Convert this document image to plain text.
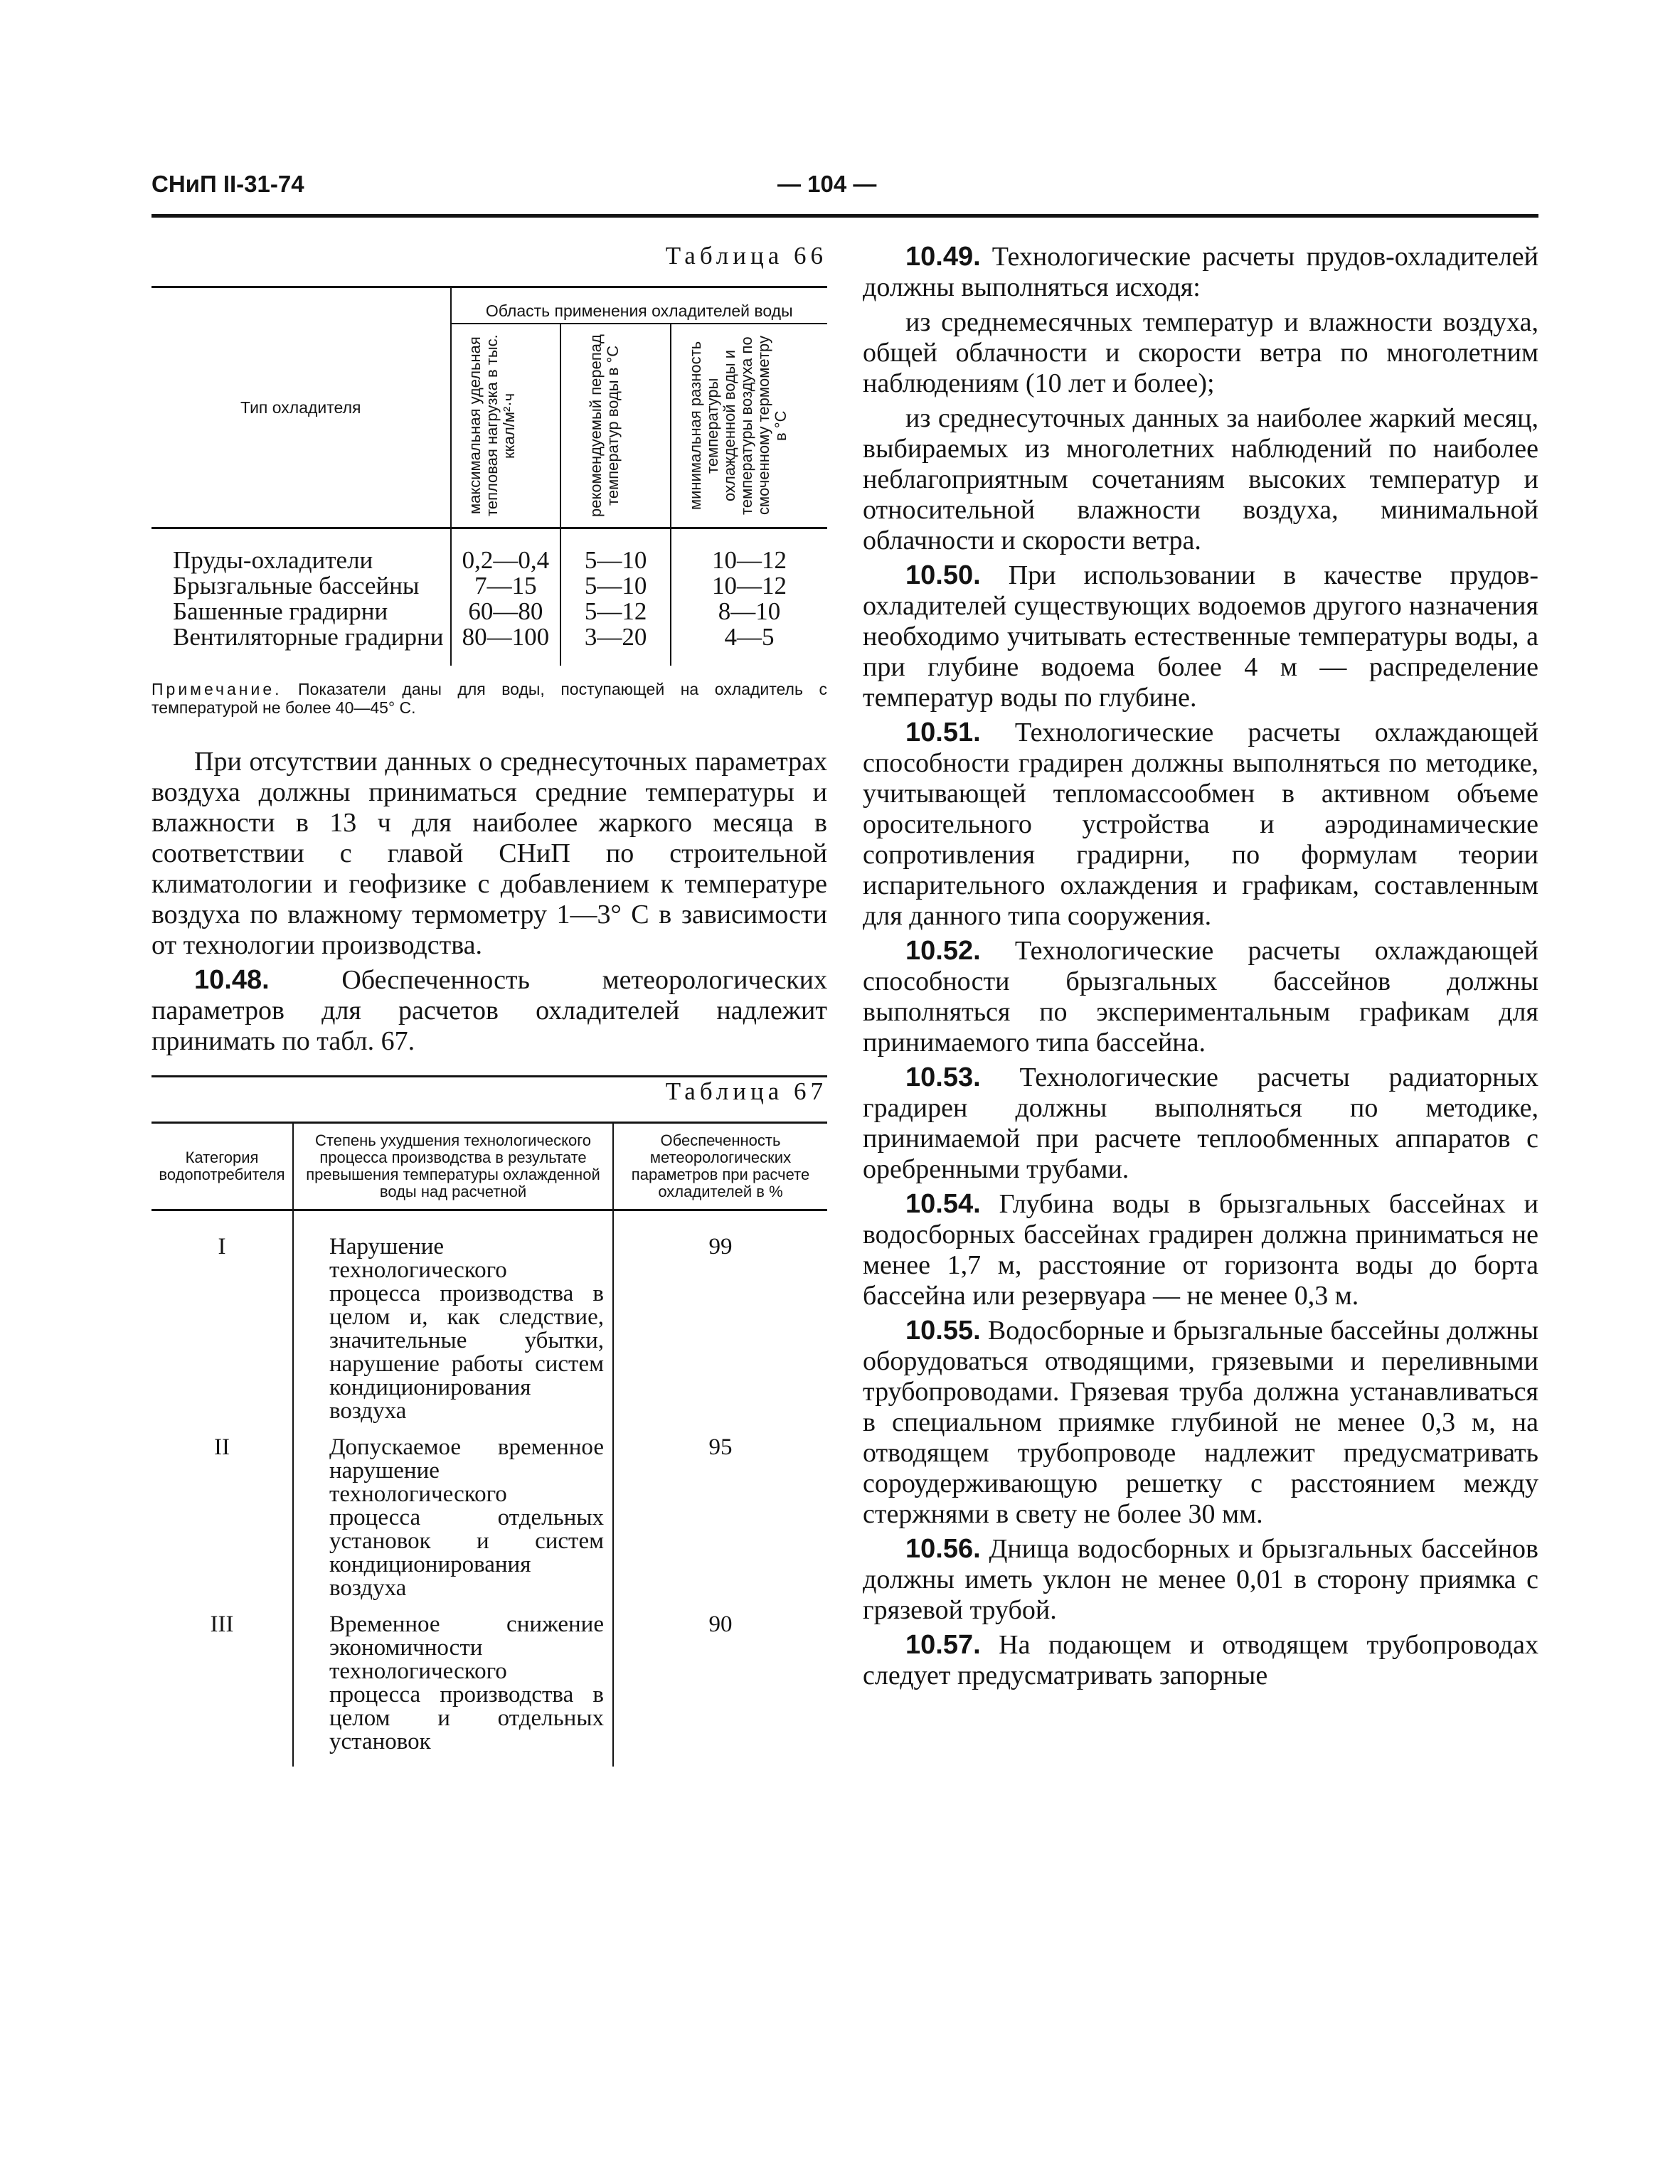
СНиП II-31-74	— 104 —
Таблица 66
Тип охладителя	Область применения охладителей воды		

	максимальная удельная тепловая нагрузка в тыс. ккал/м²·ч	рекомендуемый перепад температур воды в °С	минимальная разность температуры охлажденной воды и температуры воздуха по смоченному термометру в °С

Пруды-охладители	0,2—0,4	5—10	10—12
Брызгальные бассейны	7—15	5—10	10—12
Башенные градирни	60—80	5—12	8—10
Вентиляторные градирни	80—100	3—20	4—5
Примечание. Показатели даны для воды, поступающей на охладитель с температурой не более 40—45° С.

При отсутствии данных о среднесуточных параметрах воздуха должны приниматься средние температуры и влажности в 13 ч для наиболее жаркого месяца в соответствии с главой СНиП по строительной климатологии и геофизике с добавлением к температуре воздуха по влажному термометру 1—3° С в зависимости от технологии производства.

10.48. Обеспеченность метеорологических параметров для расчетов охладителей надлежит принимать по табл. 67.

Таблица 67
Категория водопотребителя	Степень ухудшения технологического процесса производства в результате превышения температуры охлажденной воды над расчетной	Обеспеченность метеорологических параметров при расчете охладителей в %
I	Нарушение технологического процесса производства в целом и, как следствие, значительные убытки, нарушение работы систем кондиционирования воздуха	99
II	Допускаемое временное нарушение технологического процесса отдельных установок и систем кондиционирования воздуха	95
III	Временное снижение экономичности технологического процесса производства в целом и отдельных установок	90

10.49. Технологические расчеты прудов-охладителей должны выполняться исходя:

из среднемесячных температур и влажности воздуха, общей облачности и скорости ветра по многолетним наблюдениям (10 лет и более);

из среднесуточных данных за наиболее жаркий месяц, выбираемых из многолетних наблюдений по наиболее неблагоприятным сочетаниям высоких температур и относительной влажности воздуха, минимальной облачности и скорости ветра.

10.50. При использовании в качестве прудов-охладителей существующих водоемов другого назначения необходимо учитывать естественные температуры воды, а при глубине водоема более 4 м — распределение температур воды по глубине.

10.51. Технологические расчеты охлаждающей способности градирен должны выполняться по методике, учитывающей тепломассообмен в активном объеме оросительного устройства и аэродинамические сопротивления градирни, по формулам теории испарительного охлаждения и графикам, составленным для данного типа сооружения.

10.52. Технологические расчеты охлаждающей способности брызгальных бассейнов должны выполняться по экспериментальным графикам для принимаемого типа бассейна.

10.53. Технологические расчеты радиаторных градирен должны выполняться по методике, принимаемой при расчете теплообменных аппаратов с оребренными трубами.

10.54. Глубина воды в брызгальных бассейнах и водосборных бассейнах градирен должна приниматься не менее 1,7 м, расстояние от горизонта воды до борта бассейна или резервуара — не менее 0,3 м.

10.55. Водосборные и брызгальные бассейны должны оборудоваться отводящими, грязевыми и переливными трубопроводами. Грязевая труба должна устанавливаться в специальном приямке глубиной не менее 0,3 м, на отводящем трубопроводе надлежит предусматривать сороудерживающую решетку с расстоянием между стержнями в свету не более 30 мм.

10.56. Днища водосборных и брызгальных бассейнов должны иметь уклон не менее 0,01 в сторону приямка с грязевой трубой.

10.57. На подающем и отводящем трубопроводах следует предусматривать запорные
